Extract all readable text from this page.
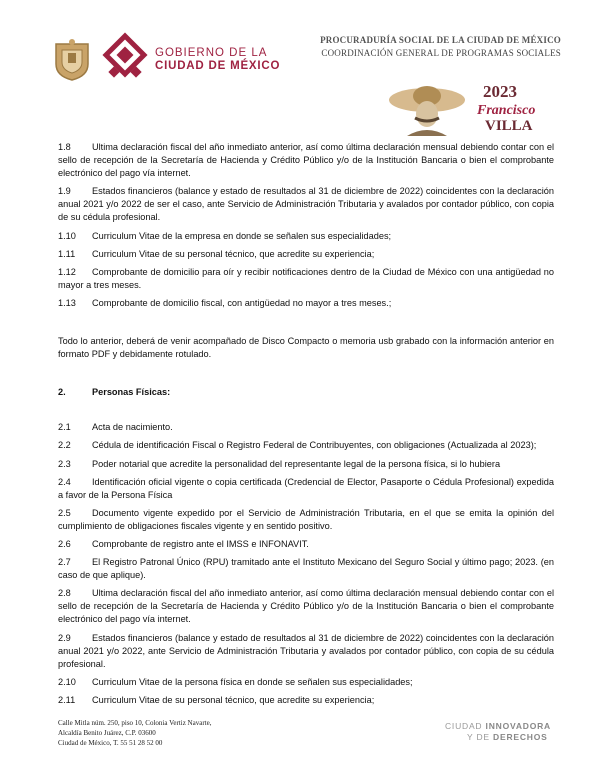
GOBIERNO DE LA
CIUDAD DE MÉXICO
PROCURADURÍA SOCIAL DE LA CIUDAD DE MÉXICO
COORDINACIÓN GENERAL DE PROGRAMAS SOCIALES
2023
Francisco
VILLA

1.8 Ultima declaración fiscal del año inmediato anterior, así como última declaración mensual debiendo contar con el sello de recepción de la Secretaría de Hacienda y Crédito Público y/o de la Institución Bancaria o bien el comprobante electrónico del pago vía internet.

1.9 Estados financieros (balance y estado de resultados al 31 de diciembre de 2022) coincidentes con la declaración anual 2021 y/o 2022 de ser el caso, ante Servicio de Administración Tributaria y avalados por contador público, con copia de su cédula profesional.

1.10 Curriculum Vitae de la empresa en donde se señalen sus especialidades;

1.11 Curriculum Vitae de su personal técnico, que acredite su experiencia;

1.12 Comprobante de domicilio para oír y recibir notificaciones dentro de la Ciudad de México con una antigüedad no mayor a tres meses.

1.13 Comprobante de domicilio fiscal, con antigüedad no mayor a tres meses.;

Todo lo anterior, deberá de venir acompañado de Disco Compacto o memoria usb grabado con la información anterior en formato PDF y debidamente rotulado.

2.	Personas Físicas:

2.1 Acta de nacimiento.

2.2 Cédula de identificación Fiscal o Registro Federal de Contribuyentes, con obligaciones (Actualizada al 2023);

2.3 Poder notarial que acredite la personalidad del representante legal de la persona física, si lo hubiera

2.4 Identificación oficial vigente o copia certificada (Credencial de Elector, Pasaporte o Cédula Profesional) expedida a favor de la Persona Física

2.5 Documento vigente expedido por el Servicio de Administración Tributaria, en el que se emita la opinión del cumplimiento de obligaciones fiscales vigente y en sentido positivo.

2.6 Comprobante de registro ante el IMSS e INFONAVIT.

2.7 El Registro Patronal Único (RPU) tramitado ante el Instituto Mexicano del Seguro Social y último pago; 2023. (en caso de que aplique).

2.8 Ultima declaración fiscal del año inmediato anterior, así como última declaración mensual debiendo contar con el sello de recepción de la Secretaría de Hacienda y Crédito Público y/o de la Institución Bancaria o bien el comprobante electrónico del pago vía internet.

2.9 Estados financieros (balance y estado de resultados al 31 de diciembre de 2022) coincidentes con la declaración anual 2021 y/o 2022, ante Servicio de Administración Tributaria y avalados por contador público, con copia de su cédula profesional.

2.10 Curriculum Vitae de la persona física en donde se señalen sus especialidades;

2.11 Curriculum Vitae de su personal técnico, que acredite su experiencia;

Calle Mitla núm. 250, piso 10, Colonia Vertiz Navarte,
Alcaldía Benito Juárez, C.P. 03600
Ciudad de México, T. 55 51 28 52 00
CIUDAD INNOVADORA
Y DE DERECHOS
